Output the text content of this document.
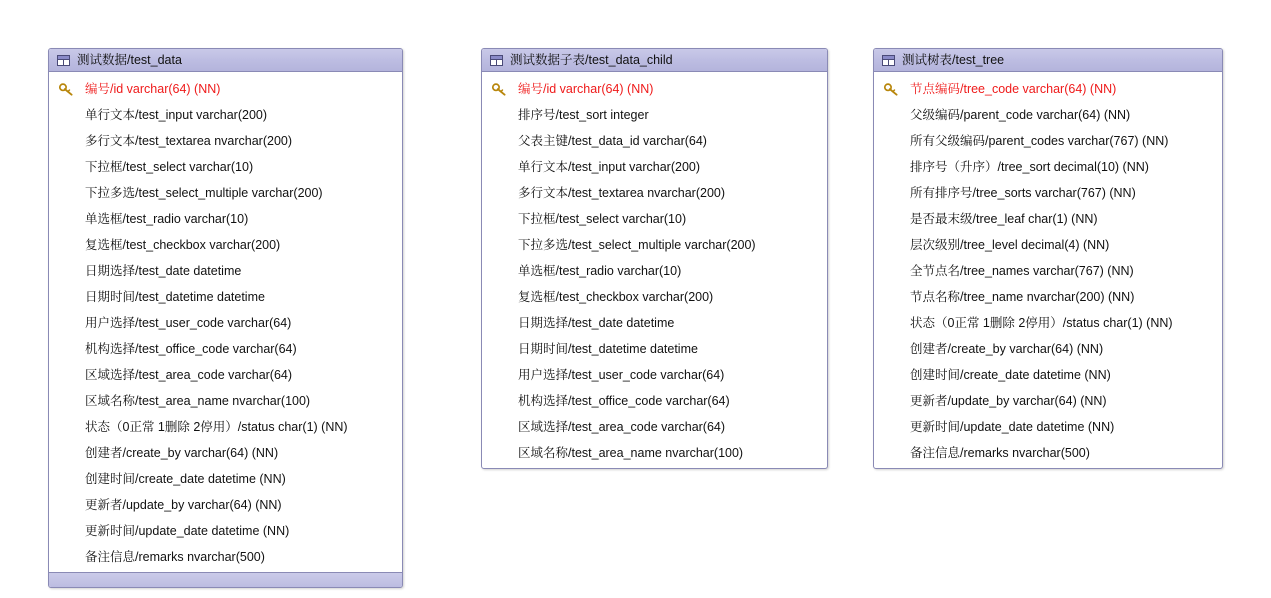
测试数据/test_data
编号/id varchar(64) (NN)
单行文本/test_input varchar(200)
多行文本/test_textarea nvarchar(200)
下拉框/test_select varchar(10)
下拉多选/test_select_multiple varchar(200)
单选框/test_radio varchar(10)
复选框/test_checkbox varchar(200)
日期选择/test_date datetime
日期时间/test_datetime datetime
用户选择/test_user_code varchar(64)
机构选择/test_office_code varchar(64)
区域选择/test_area_code varchar(64)
区域名称/test_area_name nvarchar(100)
状态（0正常 1删除 2停用）/status char(1) (NN)
创建者/create_by varchar(64) (NN)
创建时间/create_date datetime (NN)
更新者/update_by varchar(64) (NN)
更新时间/update_date datetime (NN)
备注信息/remarks nvarchar(500)
测试数据子表/test_data_child
编号/id varchar(64) (NN)
排序号/test_sort integer
父表主键/test_data_id varchar(64)
单行文本/test_input varchar(200)
多行文本/test_textarea nvarchar(200)
下拉框/test_select varchar(10)
下拉多选/test_select_multiple varchar(200)
单选框/test_radio varchar(10)
复选框/test_checkbox varchar(200)
日期选择/test_date datetime
日期时间/test_datetime datetime
用户选择/test_user_code varchar(64)
机构选择/test_office_code varchar(64)
区域选择/test_area_code varchar(64)
区域名称/test_area_name nvarchar(100)
测试树表/test_tree
节点编码/tree_code varchar(64) (NN)
父级编码/parent_code varchar(64) (NN)
所有父级编码/parent_codes varchar(767) (NN)
排序号（升序）/tree_sort decimal(10) (NN)
所有排序号/tree_sorts varchar(767) (NN)
是否最末级/tree_leaf char(1) (NN)
层次级别/tree_level decimal(4) (NN)
全节点名/tree_names varchar(767) (NN)
节点名称/tree_name nvarchar(200) (NN)
状态（0正常 1删除 2停用）/status char(1) (NN)
创建者/create_by varchar(64) (NN)
创建时间/create_date datetime (NN)
更新者/update_by varchar(64) (NN)
更新时间/update_date datetime (NN)
备注信息/remarks nvarchar(500)
